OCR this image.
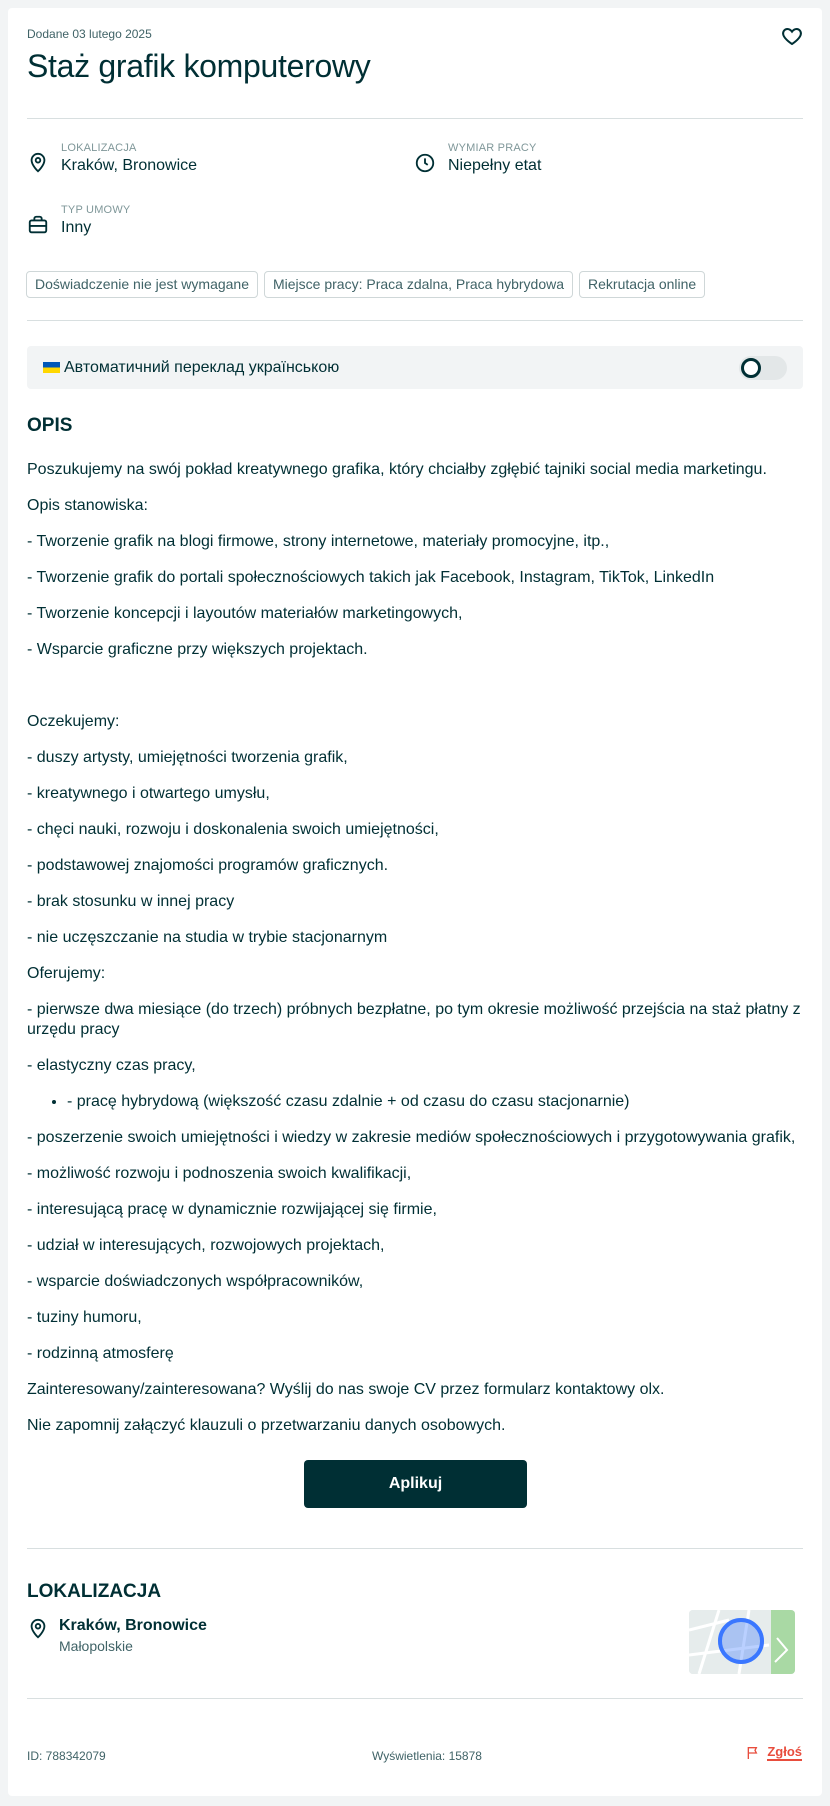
Dodane 03 lutego 2025
Staż grafik komputerowy
LOKALIZACJA
Kraków, Bronowice
WYMIAR PRACY
Niepełny etat
TYP UMOWY
Inny
Doświadczenie nie jest wymagane	Miejsce pracy: Praca zdalna, Praca hybrydowa	Rekrutacja online
Автоматичний переклад українською
OPIS

Poszukujemy na swój pokład kreatywnego grafika, który chciałby zgłębić tajniki social media marketingu.

Opis stanowiska:

- Tworzenie grafik na blogi firmowe, strony internetowe, materiały promocyjne, itp.,

- Tworzenie grafik do portali społecznościowych takich jak Facebook, Instagram, TikTok, LinkedIn

- Tworzenie koncepcji i layoutów materiałów marketingowych,

- Wsparcie graficzne przy większych projektach.

Oczekujemy:

- duszy artysty, umiejętności tworzenia grafik,

- kreatywnego i otwartego umysłu,

- chęci nauki, rozwoju i doskonalenia swoich umiejętności,

- podstawowej znajomości programów graficznych.

- brak stosunku w innej pracy

- nie uczęszczanie na studia w trybie stacjonarnym

Oferujemy:

- pierwsze dwa miesiące (do trzech) próbnych bezpłatne, po tym okresie możliwość przejścia na staż płatny z urzędu pracy

- elastyczny czas pracy,

• - pracę hybrydową (większość czasu zdalnie + od czasu do czasu stacjonarnie)

- poszerzenie swoich umiejętności i wiedzy w zakresie mediów społecznościowych i przygotowywania grafik,

- możliwość rozwoju i podnoszenia swoich kwalifikacji,

- interesującą pracę w dynamicznie rozwijającej się firmie,

- udział w interesujących, rozwojowych projektach,

- wsparcie doświadczonych współpracowników,

- tuziny humoru,

- rodzinną atmosferę

Zainteresowany/zainteresowana? Wyślij do nas swoje CV przez formularz kontaktowy olx.

Nie zapomnij załączyć klauzuli o przetwarzaniu danych osobowych.

Aplikuj
LOKALIZACJA
Kraków, Bronowice
Małopolskie
ID: 788342079	Wyświetlenia: 15878	Zgłoś
